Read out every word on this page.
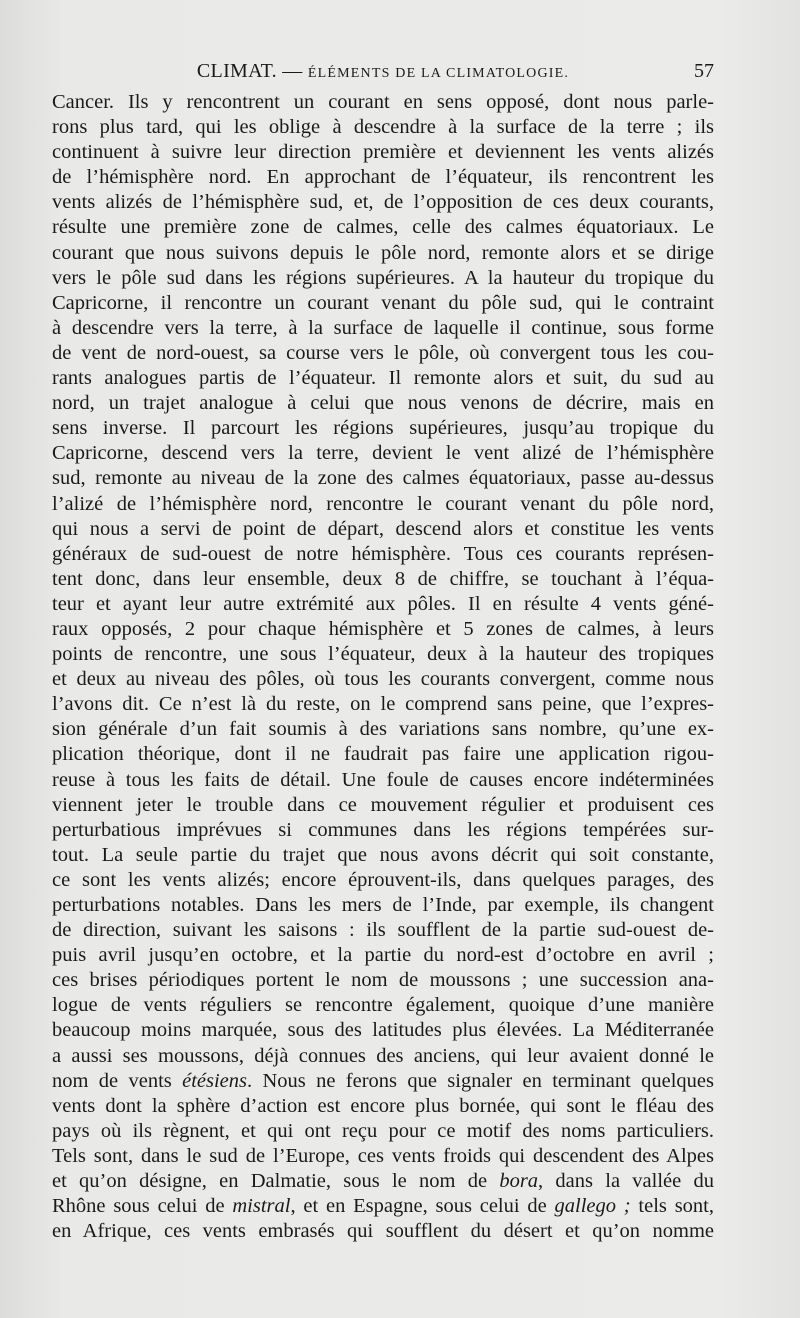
CLIMAT. — ÉLÉMENTS DE LA CLIMATOLOGIE.	57
Cancer. Ils y rencontrent un courant en sens opposé, dont nous parle-
rons plus tard, qui les oblige à descendre à la surface de la terre ; ils
continuent à suivre leur direction première et deviennent les vents alizés
de l’hémisphère nord. En approchant de l’équateur, ils rencontrent les
vents alizés de l’hémisphère sud, et, de l’opposition de ces deux courants,
résulte une première zone de calmes, celle des calmes équatoriaux. Le
courant que nous suivons depuis le pôle nord, remonte alors et se dirige
vers le pôle sud dans les régions supérieures. A la hauteur du tropique du
Capricorne, il rencontre un courant venant du pôle sud, qui le contraint
à descendre vers la terre, à la surface de laquelle il continue, sous forme
de vent de nord-ouest, sa course vers le pôle, où convergent tous les cou-
rants analogues partis de l’équateur. Il remonte alors et suit, du sud au
nord, un trajet analogue à celui que nous venons de décrire, mais en
sens inverse. Il parcourt les régions supérieures, jusqu’au tropique du
Capricorne, descend vers la terre, devient le vent alizé de l’hémisphère
sud, remonte au niveau de la zone des calmes équatoriaux, passe au-dessus
l’alizé de l’hémisphère nord, rencontre le courant venant du pôle nord,
qui nous a servi de point de départ, descend alors et constitue les vents
généraux de sud-ouest de notre hémisphère. Tous ces courants représen-
tent donc, dans leur ensemble, deux 8 de chiffre, se touchant à l’équa-
teur et ayant leur autre extrémité aux pôles. Il en résulte 4 vents géné-
raux opposés, 2 pour chaque hémisphère et 5 zones de calmes, à leurs
points de rencontre, une sous l’équateur, deux à la hauteur des tropiques
et deux au niveau des pôles, où tous les courants convergent, comme nous
l’avons dit. Ce n’est là du reste, on le comprend sans peine, que l’expres-
sion générale d’un fait soumis à des variations sans nombre, qu’une ex-
plication théorique, dont il ne faudrait pas faire une application rigou-
reuse à tous les faits de détail. Une foule de causes encore indéterminées
viennent jeter le trouble dans ce mouvement régulier et produisent ces
perturbatious imprévues si communes dans les régions tempérées sur-
tout. La seule partie du trajet que nous avons décrit qui soit constante,
ce sont les vents alizés; encore éprouvent-ils, dans quelques parages, des
perturbations notables. Dans les mers de l’Inde, par exemple, ils changent
de direction, suivant les saisons : ils soufflent de la partie sud-ouest de-
puis avril jusqu’en octobre, et la partie du nord-est d’octobre en avril ;
ces brises périodiques portent le nom de moussons ; une succession ana-
logue de vents réguliers se rencontre également, quoique d’une manière
beaucoup moins marquée, sous des latitudes plus élevées. La Méditerranée
a aussi ses moussons, déjà connues des anciens, qui leur avaient donné le
nom de vents étésiens. Nous ne ferons que signaler en terminant quelques
vents dont la sphère d’action est encore plus bornée, qui sont le fléau des
pays où ils règnent, et qui ont reçu pour ce motif des noms particuliers.
Tels sont, dans le sud de l’Europe, ces vents froids qui descendent des Alpes
et qu’on désigne, en Dalmatie, sous le nom de bora, dans la vallée du
Rhône sous celui de mistral, et en Espagne, sous celui de gallego ; tels sont,
en Afrique, ces vents embrasés qui soufflent du désert et qu’on nomme
